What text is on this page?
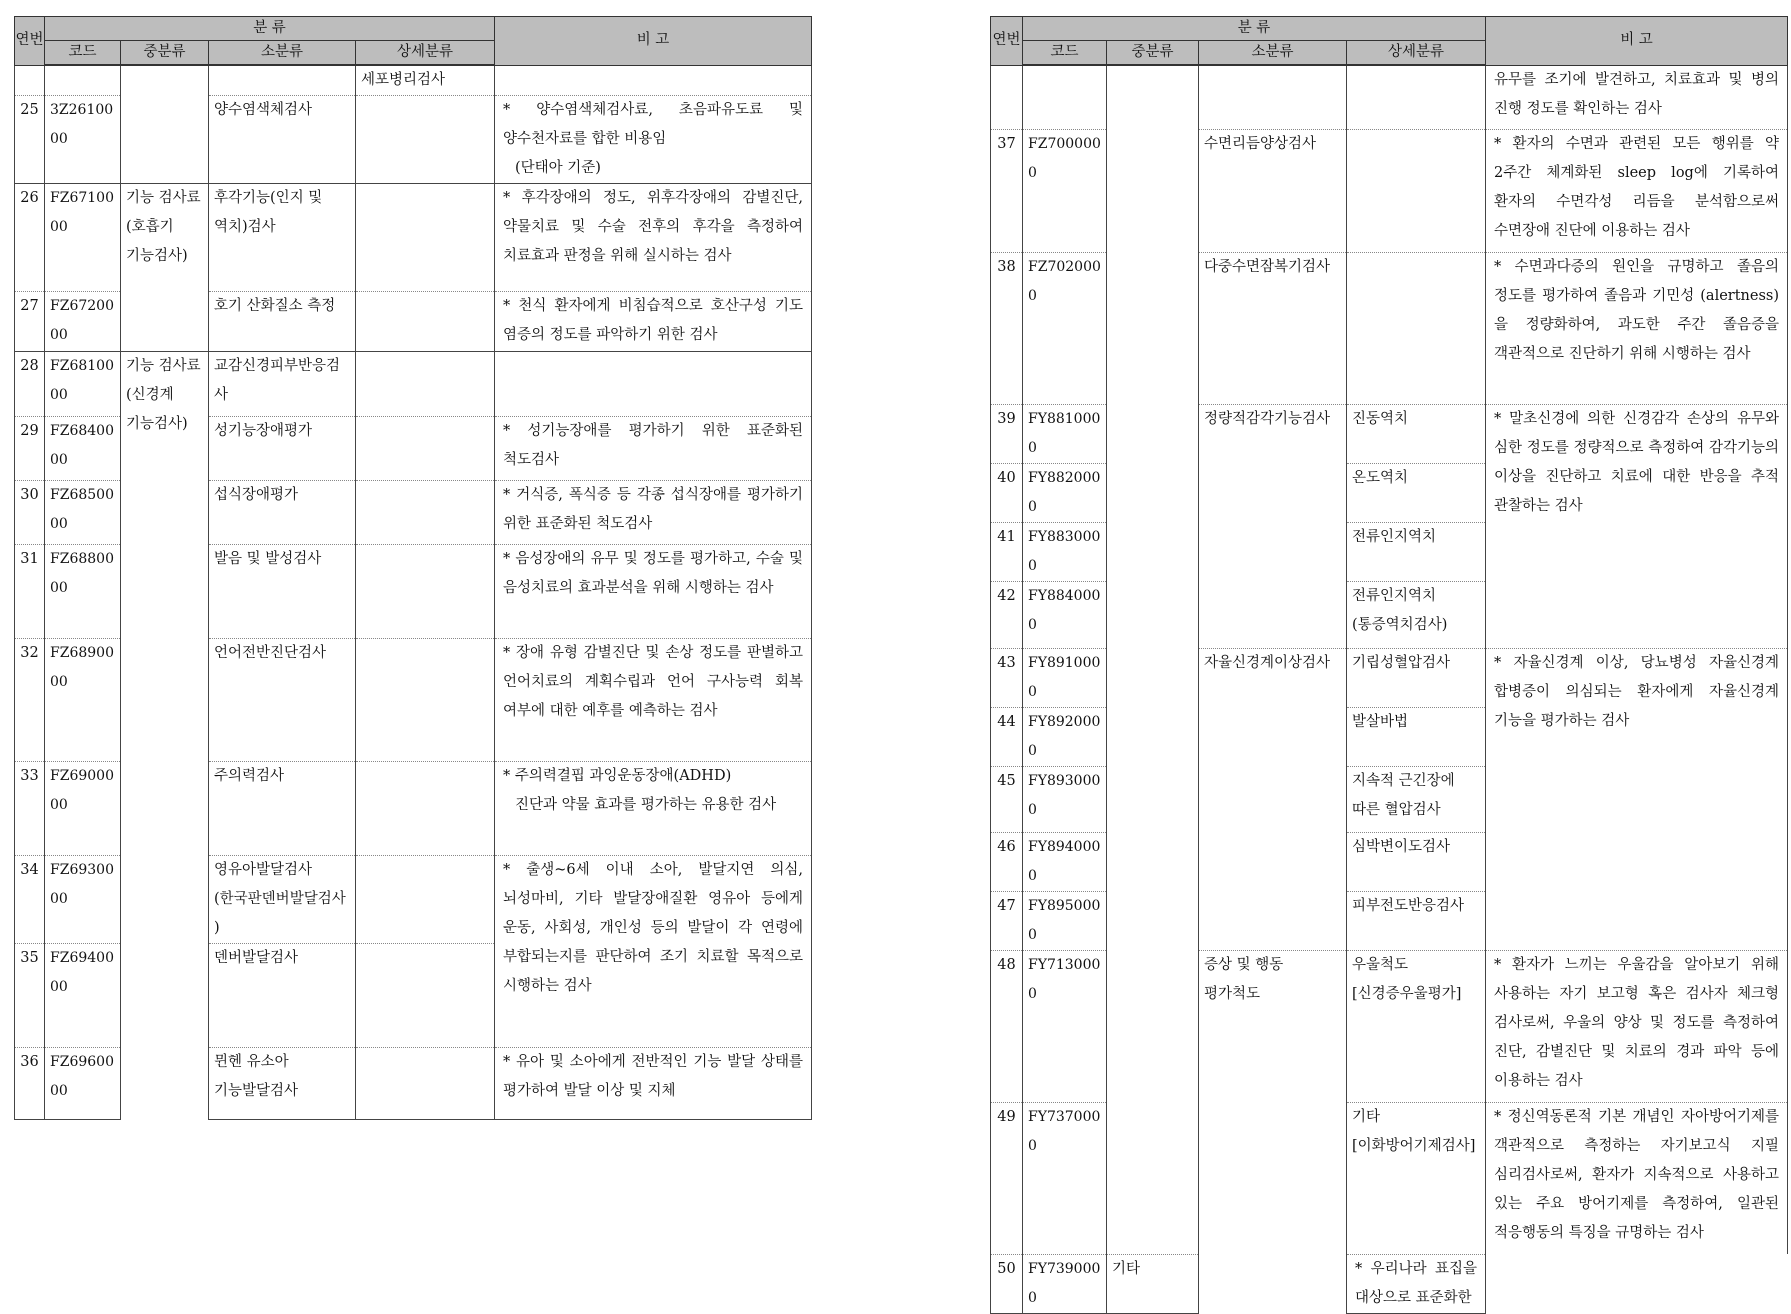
연번	분 류				비 고
	코드	중분류	소분류	상세분류	
				세포병리검사	
25	3Z2610000		양수염색체검사		* 양수염색체검사료, 초음파유도료 및 양수천자료를 합한 비용임
(단태아 기준)

26	FZ6710000	기능 검사료 (호흡기 기능검사)	후각기능(인지 및 역치)검사		* 후각장애의 정도, 위후각장애의 감별진단, 약물치료 및 수술 전후의 후각을 측정하여 치료효과 판정을 위해 실시하는 검사
27	FZ6720000		호기 산화질소 측정		* 천식 환자에게 비침습적으로 호산구성 기도 염증의 정도를 파악하기 위한 검사
28	FZ6810000	기능 검사료 (신경계 기능검사)	교감신경피부반응검사		
29	FZ6840000		성기능장애평가		* 성기능장애를 평가하기 위한 표준화된 척도검사
30	FZ6850000		섭식장애평가		* 거식증, 폭식증 등 각종 섭식장애를 평가하기 위한 표준화된 척도검사
31	FZ6880000		발음 및 발성검사		* 음성장애의 유무 및 정도를 평가하고, 수술 및 음성치료의 효과분석을 위해 시행하는 검사
32	FZ6890000		언어전반진단검사		* 장애 유형 감별진단 및 손상 정도를 판별하고 언어치료의 계획수립과 언어 구사능력 회복 여부에 대한 예후를 예측하는 검사
33	FZ6900000		주의력검사		* 주의력결핍 과잉운동장애(ADHD)
진단과 약물 효과를 평가하는 유용한 검사

34	FZ6930000		영유아발달검사 (한국판덴버발달검사)		* 출생~6세 이내 소아, 발달지연 의심, 뇌성마비, 기타 발달장애질환 영유아 등에게 운동, 사회성, 개인성 등의 발달이 각 연령에 부합되는지를 판단하여 조기 치료할 목적으로 시행하는 검사
35	FZ6940000		덴버발달검사		
36	FZ6960000		뮌헨 유소아 기능발달검사		* 유아 및 소아에게 전반적인 기능 발달 상태를 평가하여 발달 이상 및 지체
연번	분 류				비 고
	코드	중분류	소분류	상세분류	
					유무를 조기에 발견하고, 치료효과 및 병의 진행 정도를 확인하는 검사
37	FZ7000000		수면리듬양상검사		* 환자의 수면과 관련된 모든 행위를 약 2주간 체계화된 sleep log에 기록하여 환자의 수면각성 리듬을 분석함으로써 수면장애 진단에 이용하는 검사
38	FZ7020000		다중수면잠복기검사		* 수면과다증의 원인을 규명하고 졸음의 정도를 평가하여 졸음과 기민성 (alertness)을 정량화하여, 과도한 주간 졸음증을 객관적으로 진단하기 위해 시행하는 검사
39	FY8810000		정량적감각기능검사	진동역치	* 말초신경에 의한 신경감각 손상의 유무와 심한 정도를 정량적으로 측정하여 감각기능의 이상을 진단하고 치료에 대한 반응을 추적 관찰하는 검사
40	FY8820000			온도역치	
41	FY8830000			전류인지역치	
42	FY8840000			전류인지역치 (통증역치검사)	
43	FY8910000		자율신경계이상검사	기립성혈압검사	* 자율신경계 이상, 당뇨병성 자율신경계 합병증이 의심되는 환자에게 자율신경계 기능을 평가하는 검사
44	FY8920000			발살바법	
45	FY8930000			지속적 근긴장에 따른 혈압검사	
46	FY8940000			심박변이도검사	
47	FY8950000			피부전도반응검사	
48	FY7130000		증상 및 행동 평가척도	우울척도 [신경증우울평가]	* 환자가 느끼는 우울감을 알아보기 위해 사용하는 자기 보고형 혹은 검사자 체크형 검사로써, 우울의 양상 및 정도를 측정하여 진단, 감별진단 및 치료의 경과 파악 등에 이용하는 검사
49	FY7370000			기타 [이화방어기제검사]	* 정신역동론적 기본 개념인 자아방어기제를 객관적으로 측정하는 자기보고식 지필 심리검사로써, 환자가 지속적으로 사용하고 있는 주요 방어기제를 측정하여, 일관된 적응행동의 특징을 규명하는 검사
50	FY7390000	기타		* 우리나라 표집을 대상으로 표준화한	
